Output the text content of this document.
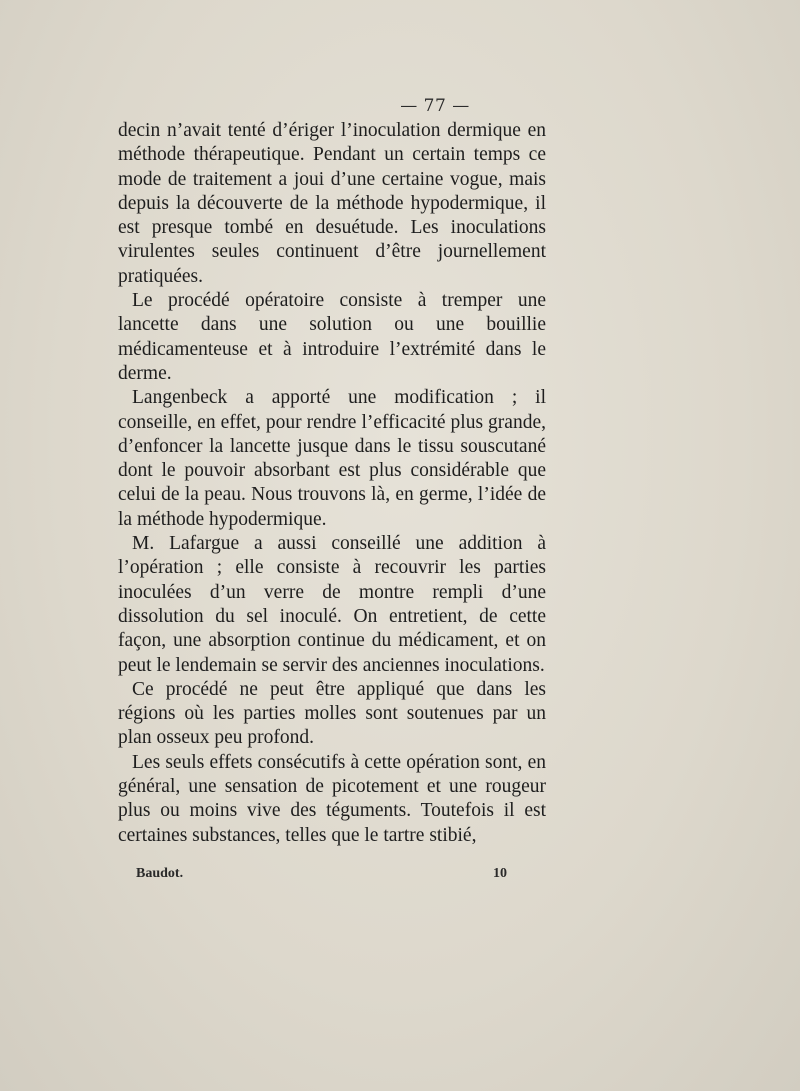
— 77 —

decin n’avait tenté d’ériger l’inoculation dermique en méthode thérapeutique. Pendant un certain temps ce mode de traitement a joui d’une certaine vogue, mais depuis la découverte de la méthode hypodermique, il est presque tombé en desuétude. Les inoculations virulentes seules continuent d’être journellement pratiquées.

Le procédé opératoire consiste à tremper une lancette dans une solution ou une bouillie médicamenteuse et à introduire l’extrémité dans le derme.

Langenbeck a apporté une modification ; il conseille, en effet, pour rendre l’efficacité plus grande, d’enfoncer la lancette jusque dans le tissu souscutané dont le pouvoir absorbant est plus considérable que celui de la peau. Nous trouvons là, en germe, l’idée de la méthode hypodermique.

M. Lafargue a aussi conseillé une addition à l’opération ; elle consiste à recouvrir les parties inoculées d’un verre de montre rempli d’une dissolution du sel inoculé. On entretient, de cette façon, une absorption continue du médicament, et on peut le lendemain se servir des anciennes inoculations.

Ce procédé ne peut être appliqué que dans les régions où les parties molles sont soutenues par un plan osseux peu profond.

Les seuls effets consécutifs à cette opération sont, en général, une sensation de picotement et une rougeur plus ou moins vive des téguments. Toutefois il est certaines substances, telles que le tartre stibié,

Baudot.	10
